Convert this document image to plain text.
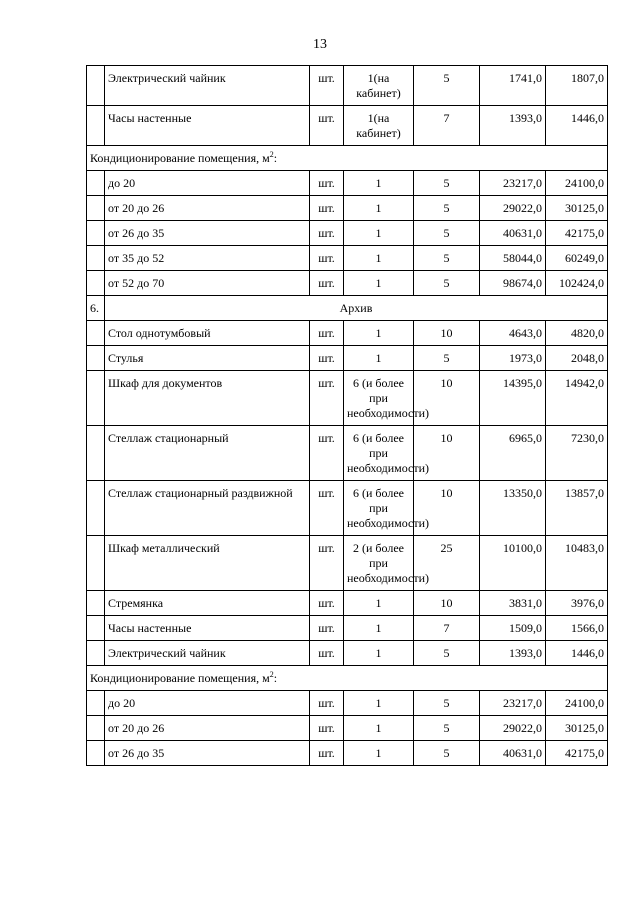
13
	Электрический чайник	шт.	1(на кабинет)	5	1741,0	1807,0
	Часы настенные	шт.	1(на кабинет)	7	1393,0	1446,0
Кондиционирование помещения, $м^2$:						
	до 20	шт.	1	5	23217,0	24100,0
	от 20 до 26	шт.	1	5	29022,0	30125,0
	от 26 до 35	шт.	1	5	40631,0	42175,0
	от 35 до 52	шт.	1	5	58044,0	60249,0
	от 52 до 70	шт.	1	5	98674,0	102424,0
6.	Архив					
	Стол однотумбовый	шт.	1	10	4643,0	4820,0
	Стулья	шт.	1	5	1973,0	2048,0
	Шкаф для документов	шт.	6 (и более при необходимости)	10	14395,0	14942,0
	Стеллаж стационарный	шт.	6 (и более при необходимости)	10	6965,0	7230,0
	Стеллаж стационарный раздвижной	шт.	6 (и более при необходимости)	10	13350,0	13857,0
	Шкаф металлический	шт.	2 (и более при необходимости)	25	10100,0	10483,0
	Стремянка	шт.	1	10	3831,0	3976,0
	Часы настенные	шт.	1	7	1509,0	1566,0
	Электрический чайник	шт.	1	5	1393,0	1446,0
Кондиционирование помещения, $м^2$:						
	до 20	шт.	1	5	23217,0	24100,0
	от 20 до 26	шт.	1	5	29022,0	30125,0
	от 26 до 35	шт.	1	5	40631,0	42175,0
